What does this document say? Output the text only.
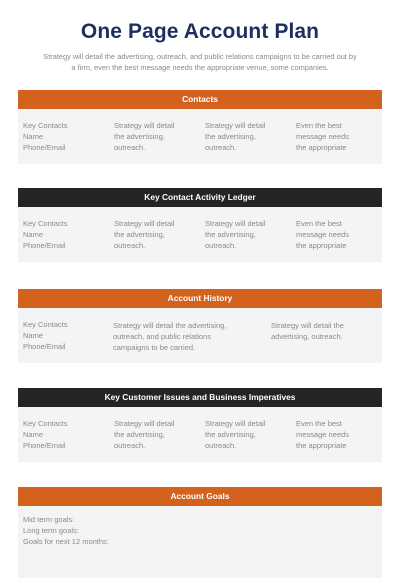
One Page Account Plan
Strategy will detail the advertising, outreach, and public relations campaigns to be carried out by
a firm, even the best message needs the appropriate venue, some companies.
Contacts
Key Contacts
Name
Phone/Email
Strategy will detail
the advertising,
outreach.
Strategy will detail
the advertising,
outreach.
Even the best
message needs
the appropriate
Key Contact Activity Ledger
Key Contacts
Name
Phone/Email
Strategy will detail
the advertising,
outreach.
Strategy will detail
the advertising,
outreach.
Even the best
message needs
the appropriate
Account History
Key Contacts
Name
Phone/Email
Strategy will detail the advertising,
outreach, and public relations
campaigns to be carried.
Strategy will detail the
advertising, outreach.
Key Customer Issues and Business Imperatives
Key Contacts
Name
Phone/Email
Strategy will detail
the advertising,
outreach.
Strategy will detail
the advertising,
outreach.
Even the best
message needs
the appropriate
Account Goals
Mid term goals:
Long term goals:
Goals for next 12 months:
